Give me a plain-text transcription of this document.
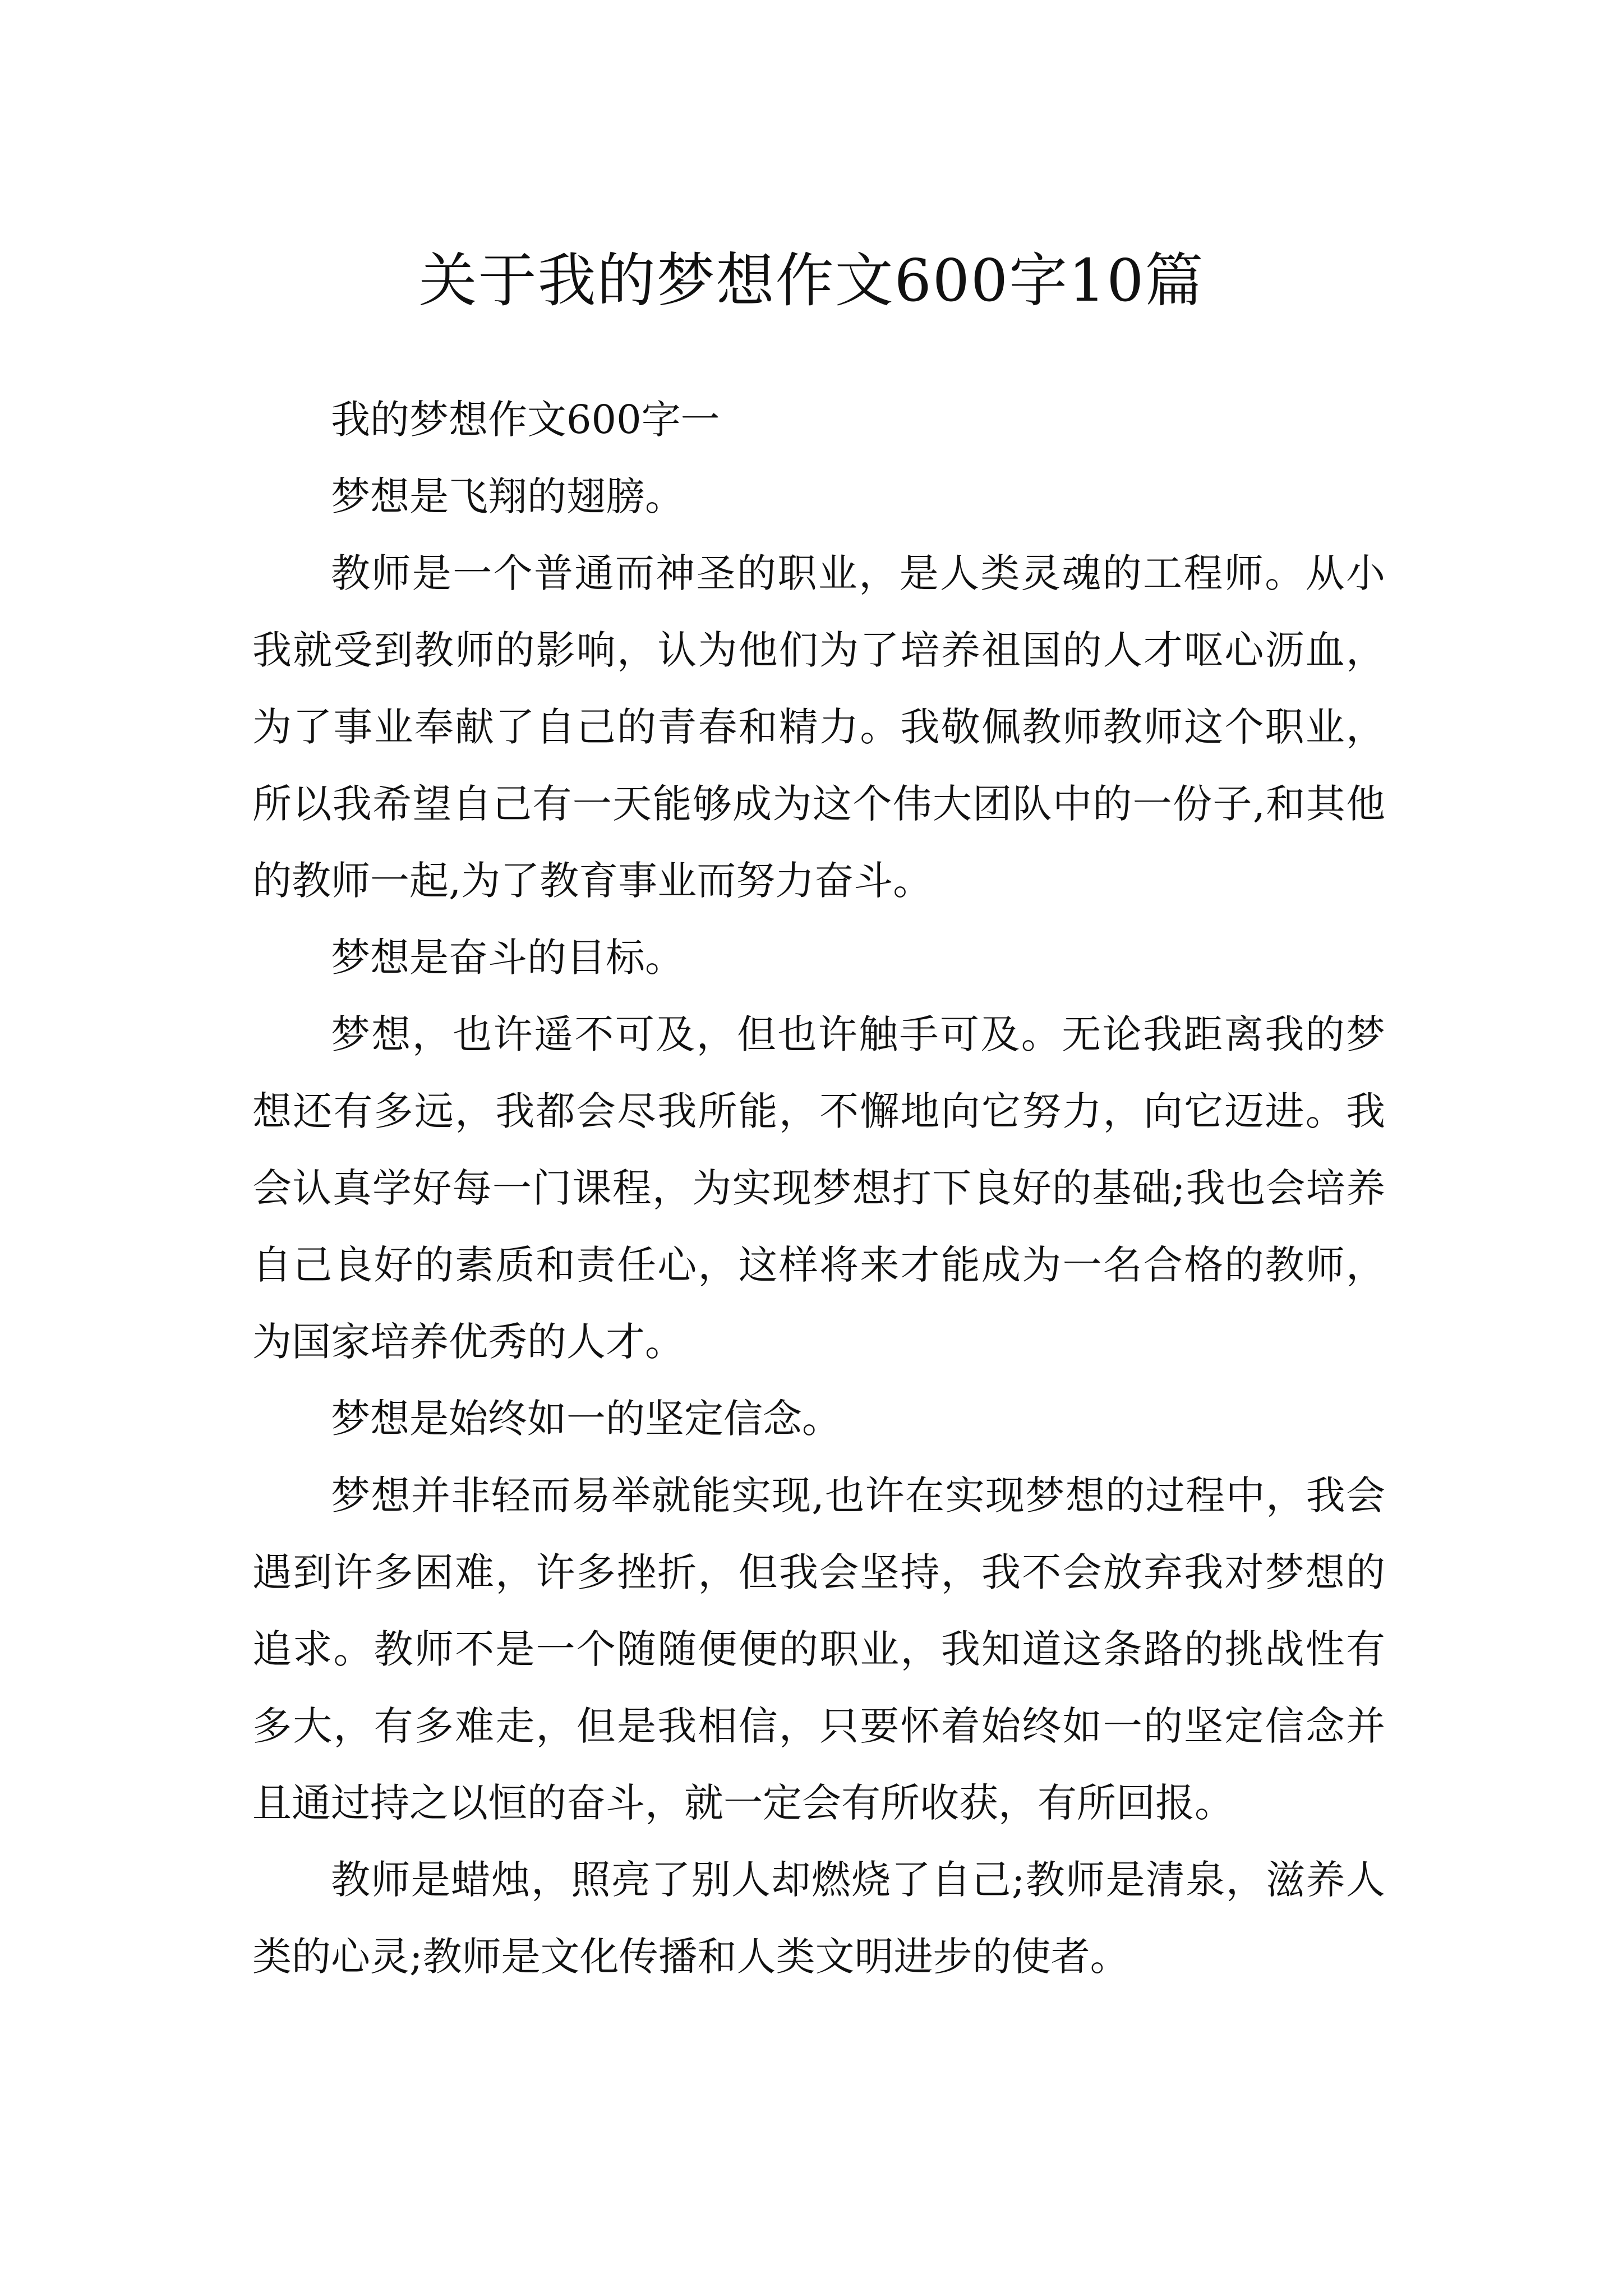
关于我的梦想作文600字10篇

我的梦想作文600字一

梦想是飞翔的翅膀。

教师是一个普通而神圣的职业，是人类灵魂的工程师。从小我就受到教师的影响，认为他们为了培养祖国的人才呕心沥血，为了事业奉献了自己的青春和精力。我敬佩教师教师这个职业，所以我希望自己有一天能够成为这个伟大团队中的一份子,和其他的教师一起,为了教育事业而努力奋斗。

梦想是奋斗的目标。

梦想，也许遥不可及，但也许触手可及。无论我距离我的梦想还有多远，我都会尽我所能，不懈地向它努力，向它迈进。我会认真学好每一门课程，为实现梦想打下良好的基础;我也会培养自己良好的素质和责任心，这样将来才能成为一名合格的教师，为国家培养优秀的人才。

梦想是始终如一的坚定信念。

梦想并非轻而易举就能实现,也许在实现梦想的过程中，我会遇到许多困难，许多挫折，但我会坚持，我不会放弃我对梦想的追求。教师不是一个随随便便的职业，我知道这条路的挑战性有多大，有多难走，但是我相信，只要怀着始终如一的坚定信念并且通过持之以恒的奋斗，就一定会有所收获，有所回报。

教师是蜡烛，照亮了别人却燃烧了自己;教师是清泉，滋养人类的心灵;教师是文化传播和人类文明进步的使者。
